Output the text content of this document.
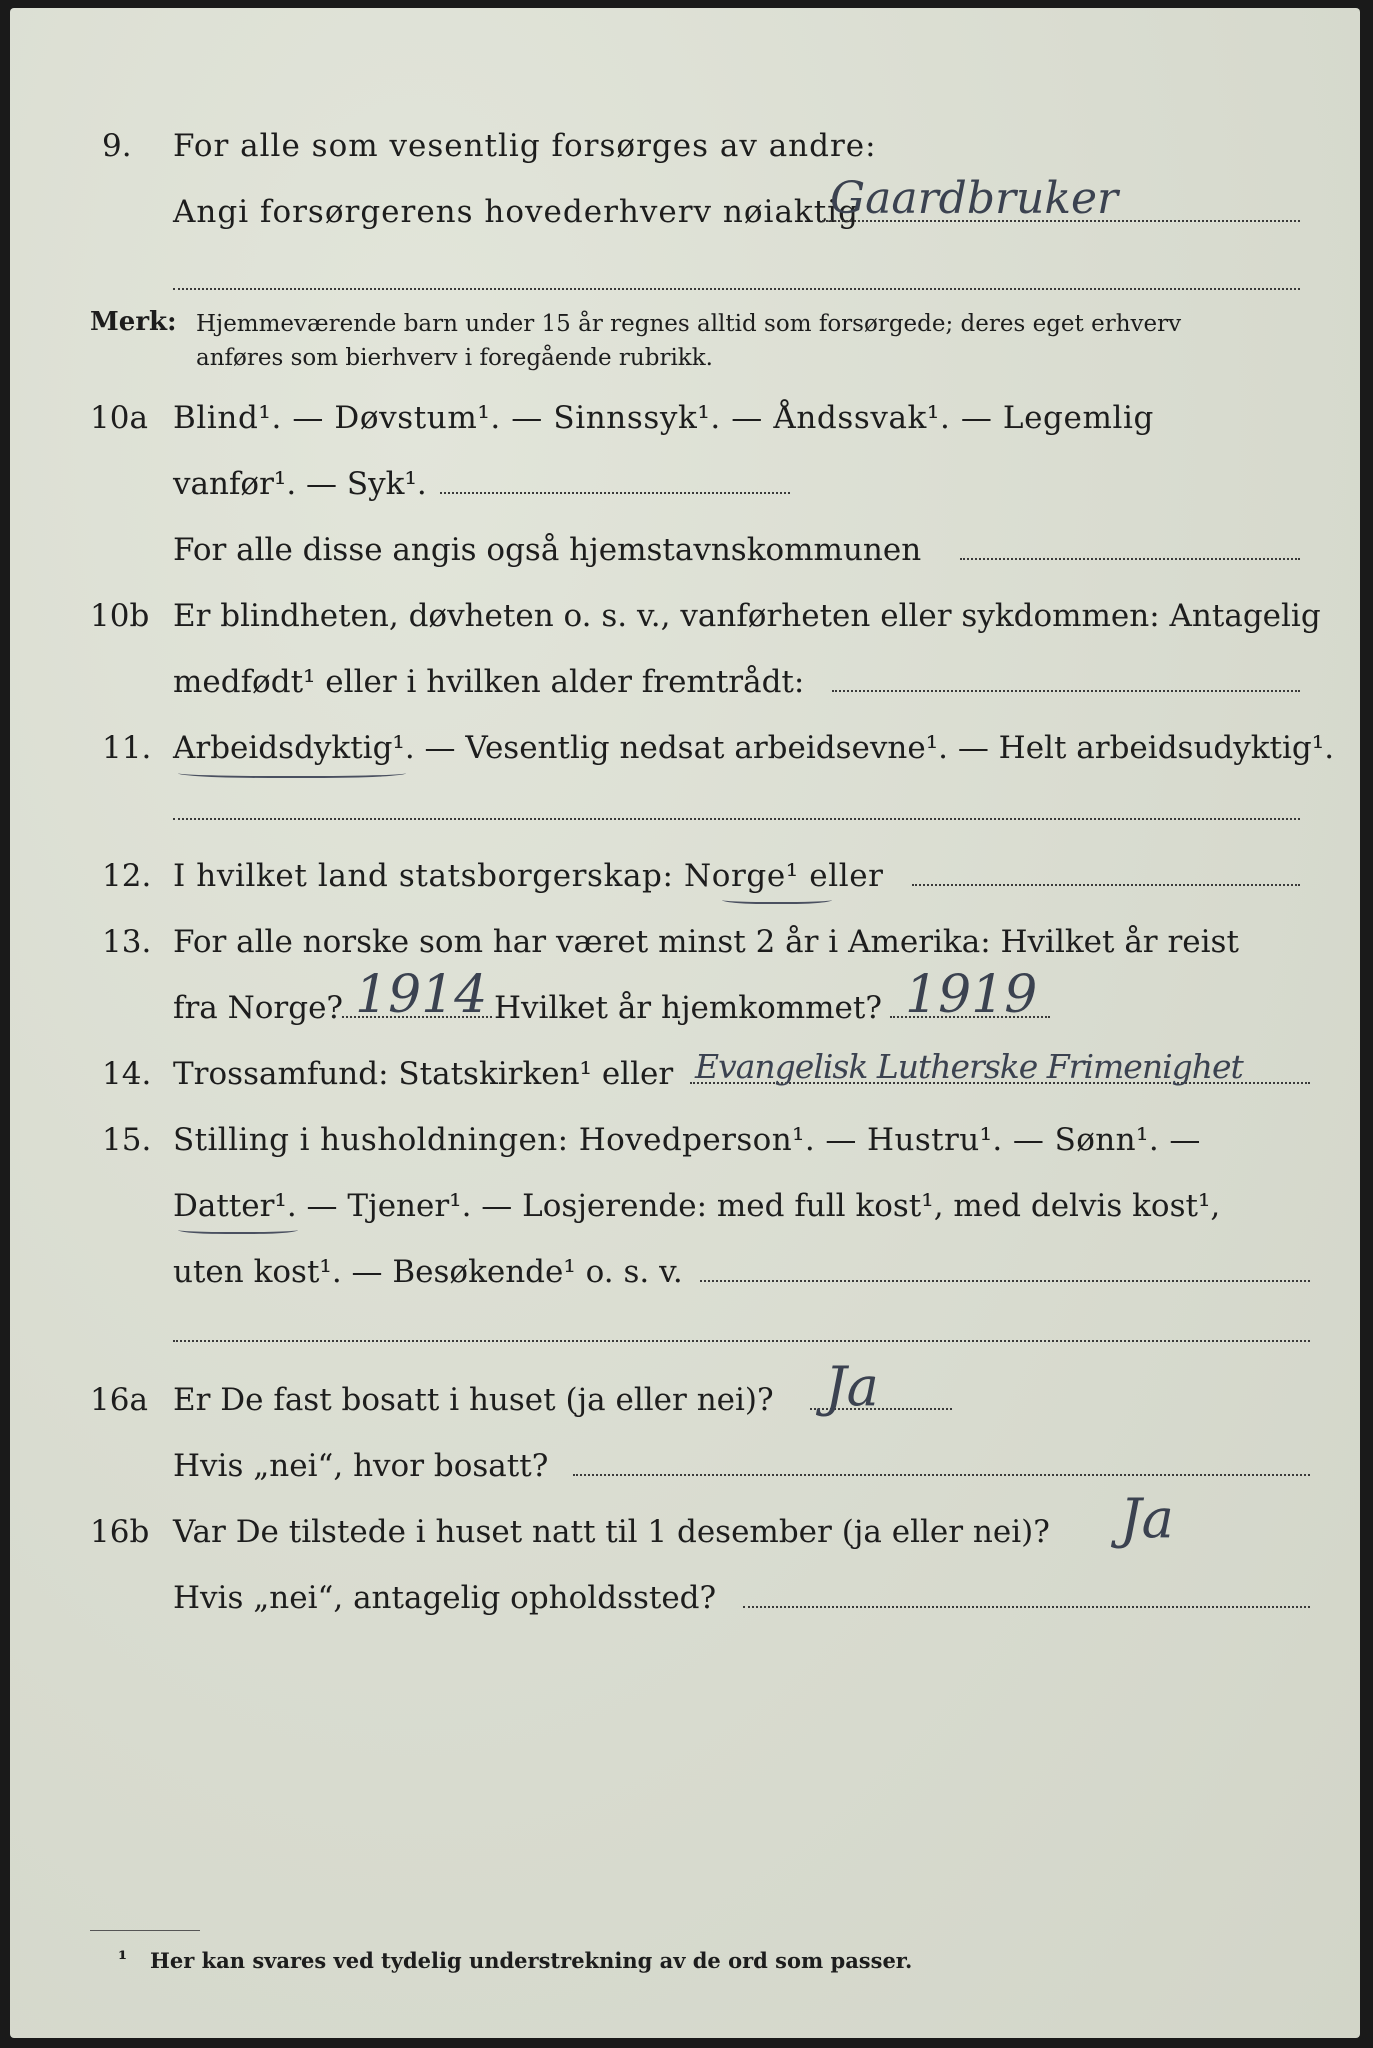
9.	For alle som vesentlig forsørges av andre:
Angi forsørgerens hovederhverv nøiaktig
Gaardbruker
Merk: Hjemmeværende barn under 15 år regnes alltid som forsørgede; deres eget erhverv
anføres som bierhverv i foregående rubrikk.
10a Blind¹. — Døvstum¹. — Sinnssyk¹. — Åndssvak¹. — Legemlig
vanfør¹. — Syk¹.
For alle disse angis også hjemstavnskommunen
10b Er blindheten, døvheten o. s. v., vanførheten eller sykdommen: Antagelig
medfødt¹ eller i hvilken alder fremtrådt:
11. Arbeidsdyktig¹. — Vesentlig nedsat arbeidsevne¹. — Helt arbeidsudyktig¹.
12. I hvilket land statsborgerskap: Norge¹ eller
13. For alle norske som har været minst 2 år i Amerika: Hvilket år reist
fra Norge? 1914 Hvilket år hjemkommet? 1919
14. Trossamfund: Statskirken¹ eller Evangelisk Lutherske Frimenighet
15. Stilling i husholdningen: Hovedperson¹. — Hustru¹. — Sønn¹. —
Datter¹. — Tjener¹. — Losjerende: med full kost¹, med delvis kost¹,
uten kost¹. — Besøkende¹ o. s. v.
16a Er De fast bosatt i huset (ja eller nei)? Ja
Hvis „nei“, hvor bosatt?
16b Var De tilstede i huset natt til 1 desember (ja eller nei)? Ja
Hvis „nei“, antagelig opholdssted?
¹ Her kan svares ved tydelig understrekning av de ord som passer.
